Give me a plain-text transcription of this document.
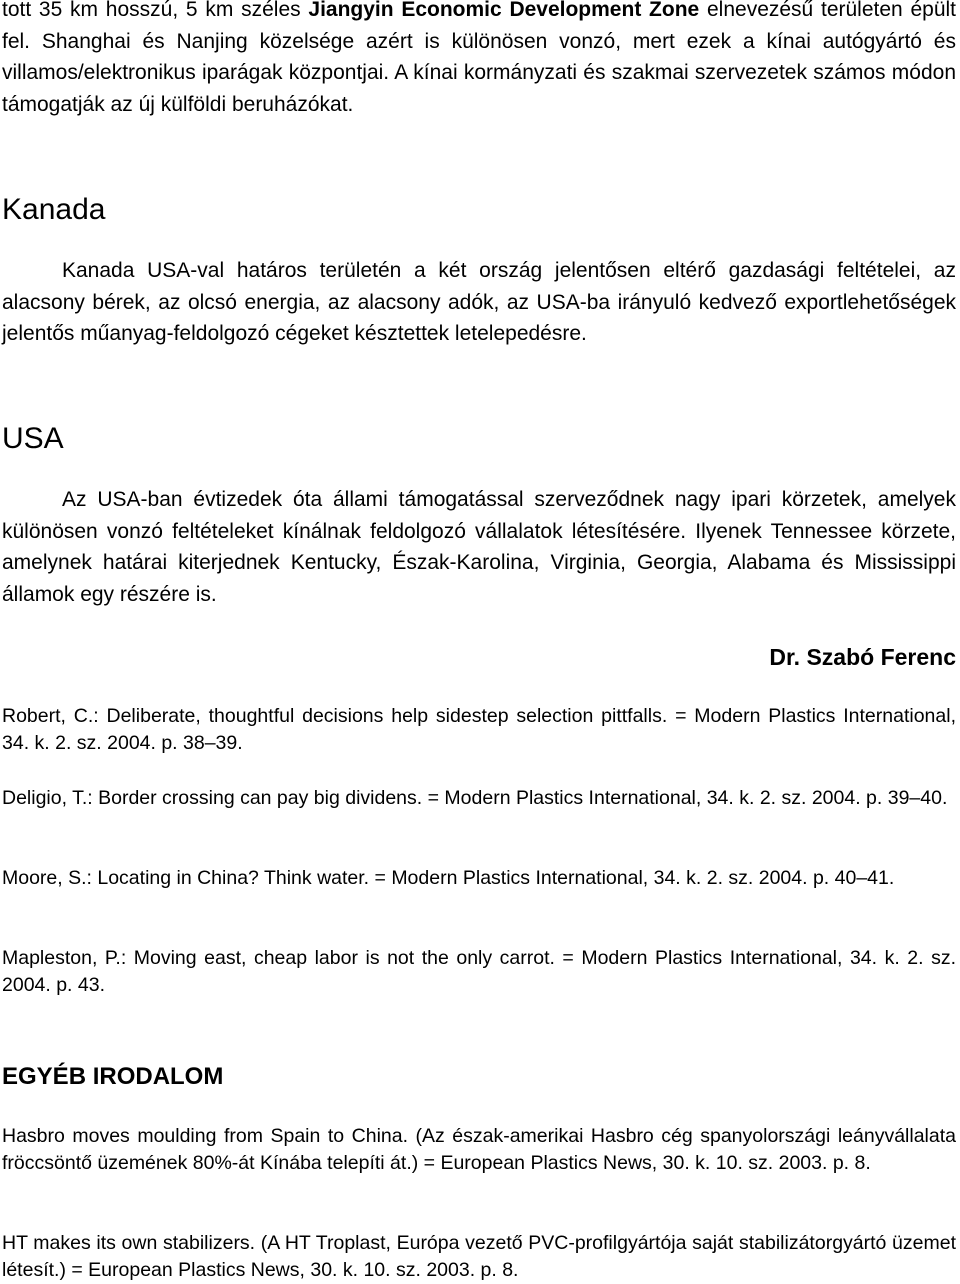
tott 35 km hosszú, 5 km széles Jiangyin Economic Development Zone elnevezésű területen épült fel. Shanghai és Nanjing közelsége azért is különösen vonzó, mert ezek a kínai autógyártó és villamos/elektronikus iparágak központjai. A kínai kormányzati és szakmai szervezetek számos módon támogatják az új külföldi beruházókat.

Kanada

Kanada USA-val határos területén a két ország jelentősen eltérő gazdasági feltételei, az alacsony bérek, az olcsó energia, az alacsony adók, az USA-ba irányuló kedvező exportlehetőségek jelentős műanyag-feldolgozó cégeket késztettek letelepedésre.

USA

Az USA-ban évtizedek óta állami támogatással szerveződnek nagy ipari körzetek, amelyek különösen vonzó feltételeket kínálnak feldolgozó vállalatok létesítésére. Ilyenek Tennessee körzete, amelynek határai kiterjednek Kentucky, Észak-Karolina, Virginia, Georgia, Alabama és Mississippi államok egy részére is.

Dr. Szabó Ferenc

Robert, C.: Deliberate, thoughtful decisions help sidestep selection pittfalls. = Modern Plastics International, 34. k. 2. sz. 2004. p. 38–39.

Deligio, T.: Border crossing can pay big dividens. = Modern Plastics International, 34. k. 2. sz. 2004. p. 39–40.

Moore, S.: Locating in China? Think water. = Modern Plastics International, 34. k. 2. sz. 2004. p. 40–41.

Mapleston, P.: Moving east, cheap labor is not the only carrot. = Modern Plastics International, 34. k. 2. sz. 2004. p. 43.

EGYÉB IRODALOM

Hasbro moves moulding from Spain to China. (Az észak-amerikai Hasbro cég spanyolországi leányvállalata fröccsöntő üzemének 80%-át Kínába telepíti át.) = European Plastics News, 30. k. 10. sz. 2003. p. 8.

HT makes its own stabilizers. (A HT Troplast, Európa vezető PVC-profilgyártója saját stabilizátorgyártó üzemet létesít.) = European Plastics News, 30. k. 10. sz. 2003. p. 8.
